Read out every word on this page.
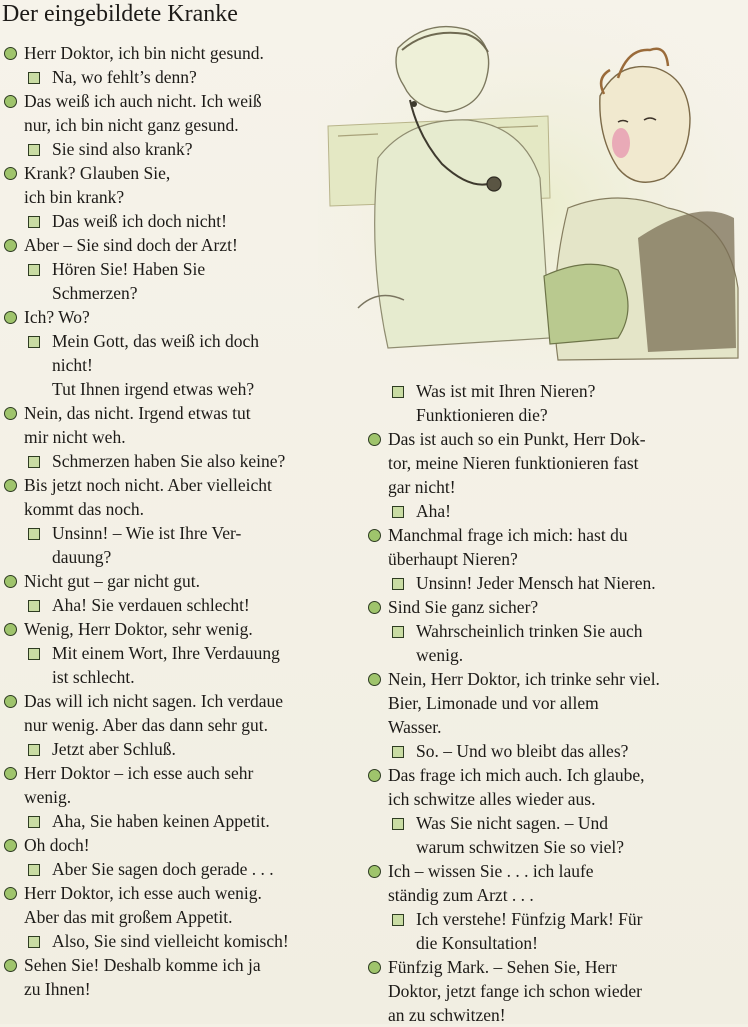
Der eingebildete Kranke
Herr Doktor, ich bin nicht gesund.
Na, wo fehlt’s denn?
Das weiß ich auch nicht. Ich weiß
nur, ich bin nicht ganz gesund.
Sie sind also krank?
Krank? Glauben Sie,
ich bin krank?
Das weiß ich doch nicht!
Aber – Sie sind doch der Arzt!
Hören Sie! Haben Sie
Schmerzen?
Ich? Wo?
Mein Gott, das weiß ich doch
nicht!
Tut Ihnen irgend etwas weh?
Nein, das nicht. Irgend etwas tut
mir nicht weh.
Schmerzen haben Sie also keine?
Bis jetzt noch nicht. Aber vielleicht
kommt das noch.
Unsinn! – Wie ist Ihre Ver-
dauung?
Nicht gut – gar nicht gut.
Aha! Sie verdauen schlecht!
Wenig, Herr Doktor, sehr wenig.
Mit einem Wort, Ihre Verdauung
ist schlecht.
Das will ich nicht sagen. Ich verdaue
nur wenig. Aber das dann sehr gut.
Jetzt aber Schluß.
Herr Doktor – ich esse auch sehr
wenig.
Aha, Sie haben keinen Appetit.
Oh doch!
Aber Sie sagen doch gerade . . .
Herr Doktor, ich esse auch wenig.
Aber das mit großem Appetit.
Also, Sie sind vielleicht komisch!
Sehen Sie! Deshalb komme ich ja
zu Ihnen!
Was ist mit Ihren Nieren?
Funktionieren die?
Das ist auch so ein Punkt, Herr Dok-
tor, meine Nieren funktionieren fast
gar nicht!
Aha!
Manchmal frage ich mich: hast du
überhaupt Nieren?
Unsinn! Jeder Mensch hat Nieren.
Sind Sie ganz sicher?
Wahrscheinlich trinken Sie auch
wenig.
Nein, Herr Doktor, ich trinke sehr viel.
Bier, Limonade und vor allem
Wasser.
So. – Und wo bleibt das alles?
Das frage ich mich auch. Ich glaube,
ich schwitze alles wieder aus.
Was Sie nicht sagen. – Und
warum schwitzen Sie so viel?
Ich – wissen Sie . . . ich laufe
ständig zum Arzt . . .
Ich verstehe! Fünfzig Mark! Für
die Konsultation!
Fünfzig Mark. – Sehen Sie, Herr
Doktor, jetzt fange ich schon wieder
an zu schwitzen!
